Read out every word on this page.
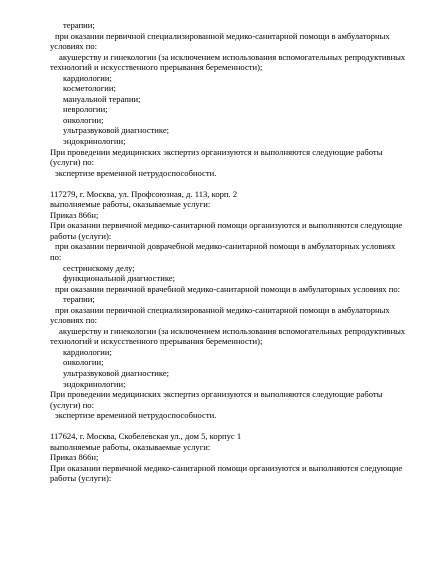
терапии;
при оказании первичной специализированной медико-санитарной помощи в амбулаторных
условиях по:
акушерству и гинекологии (за исключением использования вспомогательных репродуктивных
технологий и искусственного прерывания беременности);
кардиологии;
косметологии;
мануальной терапии;
неврологии;
онкологии;
ультразвуковой диагностике;
эндокринологии;
При проведении медицинских экспертиз организуются и выполняются следующие работы
(услуги) по:
экспертизе временной нетрудоспособности.
117279, г. Москва, ул. Профсоюзная, д. 113, корп. 2
выполняемые работы, оказываемые услуги:
Приказ 866н;
При оказании первичной медико-санитарной помощи организуются и выполняются следующие
работы (услуги):
при оказании первичной доврачебной медико-санитарной помощи в амбулаторных условиях
по:
сестринскому делу;
функциональной диагностике;
при оказании первичной врачебной медико-санитарной помощи в амбулаторных условиях по:
терапии;
при оказании первичной специализированной медико-санитарной помощи в амбулаторных
условиях по:
акушерству и гинекологии (за исключением использования вспомогательных репродуктивных
технологий и искусственного прерывания беременности);
кардиологии;
онкологии;
ультразвуковой диагностике;
эндокринологии;
При проведении медицинских экспертиз организуются и выполняются следующие работы
(услуги) по:
экспертизе временной нетрудоспособности.
117624, г. Москва, Скобелевская ул., дом 5, корпус 1
выполняемые работы, оказываемые услуги:
Приказ 866н;
При оказании первичной медико-санитарной помощи организуются и выполняются следующие
работы (услуги):
